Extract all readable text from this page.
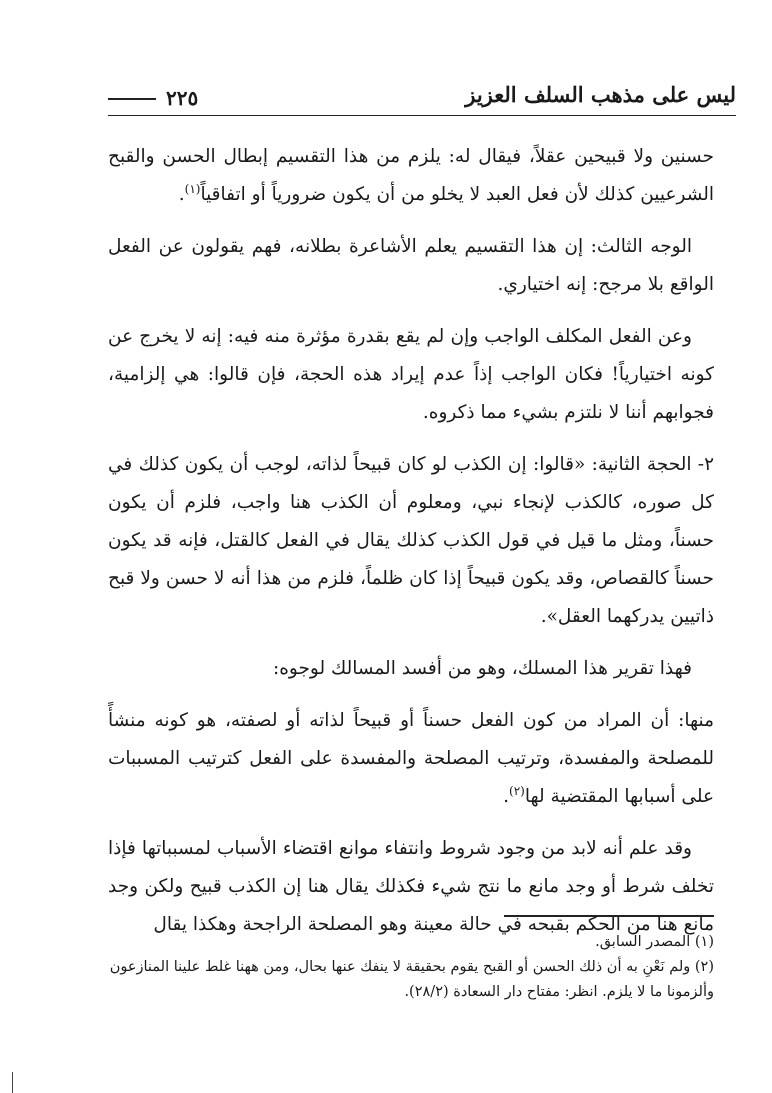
ليس على مذهب السلف العزيز
٢٢٥

حسنين ولا قبيحين عقلاً، فيقال له: يلزم من هذا التقسيم إبطال الحسن والقبح الشرعيين كذلك لأن فعل العبد لا يخلو من أن يكون ضرورياً أو اتفاقياً$^{(١)}$.

الوجه الثالث: إن هذا التقسيم يعلم الأشاعرة بطلانه، فهم يقولون عن الفعل الواقع بلا مرجح: إنه اختياري.

وعن الفعل المكلف الواجب وإن لم يقع بقدرة مؤثرة منه فيه: إنه لا يخرج عن كونه اختيارياً! فكان الواجب إذاً عدم إيراد هذه الحجة، فإن قالوا: هي إلزامية، فجوابهم أننا لا نلتزم بشيء مما ذكروه.

٢- الحجة الثانية: «قالوا: إن الكذب لو كان قبيحاً لذاته، لوجب أن يكون كذلك في كل صوره، كالكذب لإنجاء نبي، ومعلوم أن الكذب هنا واجب، فلزم أن يكون حسناً، ومثل ما قيل في قول الكذب كذلك يقال في الفعل كالقتل، فإنه قد يكون حسناً كالقصاص، وقد يكون قبيحاً إذا كان ظلماً، فلزم من هذا أنه لا حسن ولا قبح ذاتيين يدركهما العقل».

فهذا تقرير هذا المسلك، وهو من أفسد المسالك لوجوه:

منها: أن المراد من كون الفعل حسناً أو قبيحاً لذاته أو لصفته، هو كونه منشأً للمصلحة والمفسدة، وترتيب المصلحة والمفسدة على الفعل كترتيب المسببات على أسبابها المقتضية لها$^{(٢)}$.

وقد علم أنه لابد من وجود شروط وانتفاء موانع اقتضاء الأسباب لمسبباتها فإذا تخلف شرط أو وجد مانع ما نتج شيء فكذلك يقال هنا إن الكذب قبيح ولكن وجد مانع هنا من الحكم بقبحه في حالة معينة وهو المصلحة الراجحة وهكذا يقال

(١) المصدر السابق.
(٢) ولم نَعْنِ به أن ذلك الحسن أو القبح يقوم بحقيقة لا ينفك عنها بحال، ومن ههنا غلط علينا المنازعون وألزمونا ما لا يلزم. انظر: مفتاح دار السعادة (٢٨/٢).
